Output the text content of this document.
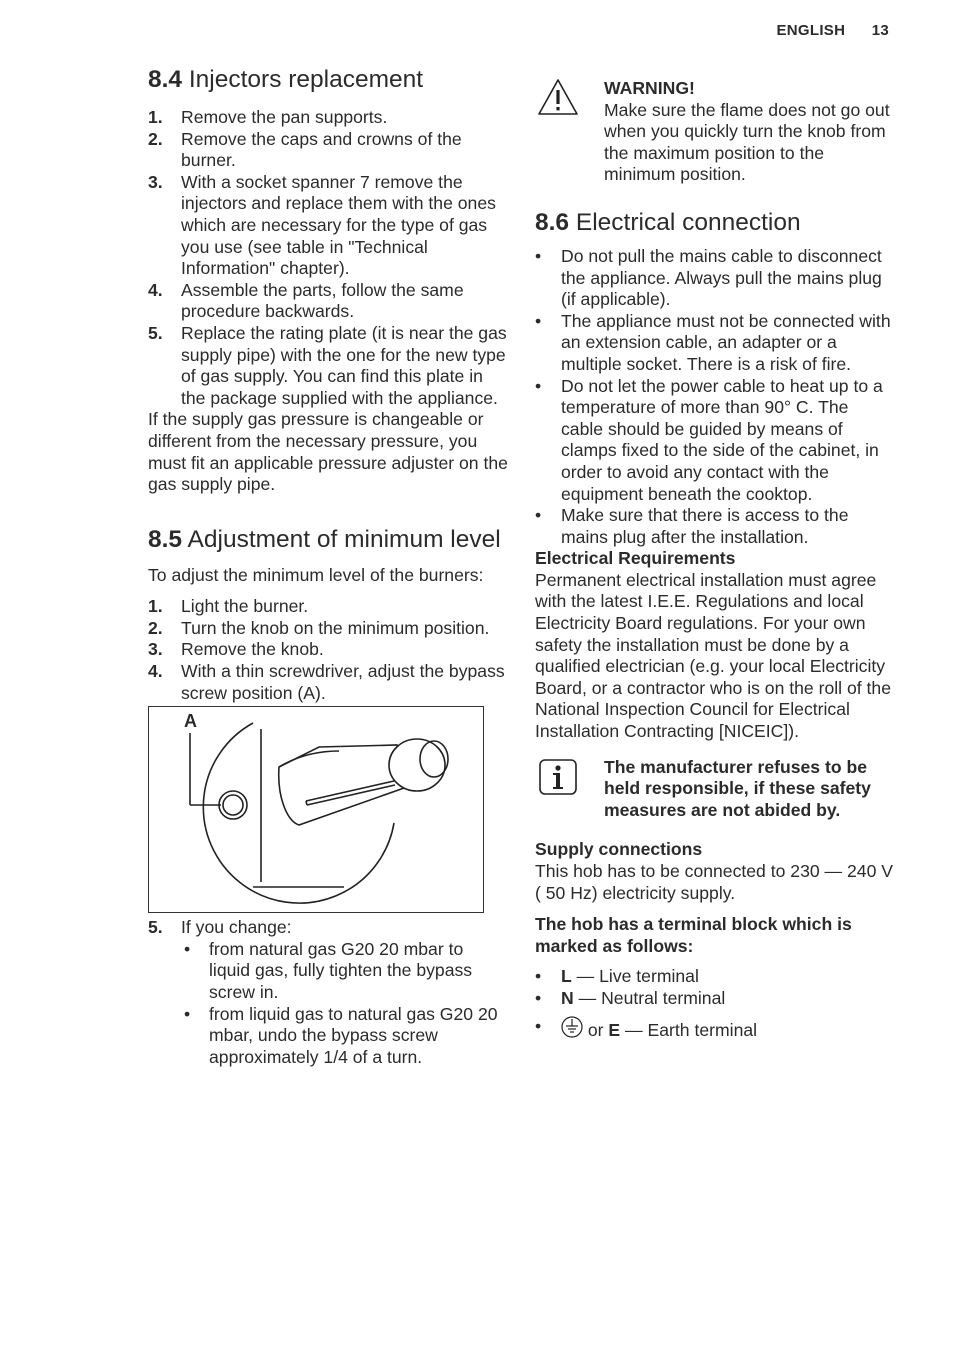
ENGLISH 13
8.4 Injectors replacement
1. Remove the pan supports.
2. Remove the caps and crowns of the burner.
3. With a socket spanner 7 remove the injectors and replace them with the ones which are necessary for the type of gas you use (see table in "Technical Information" chapter).
4. Assemble the parts, follow the same procedure backwards.
5. Replace the rating plate (it is near the gas supply pipe) with the one for the new type of gas supply. You can find this plate in the package supplied with the appliance.

If the supply gas pressure is changeable or different from the necessary pressure, you must fit an applicable pressure adjuster on the gas supply pipe.

8.5 Adjustment of minimum level

To adjust the minimum level of the burners:

1. Light the burner.
2. Turn the knob on the minimum position.
3. Remove the knob.
4. With a thin screwdriver, adjust the bypass screw position (A).
A
5. If you change:
• from natural gas G20 20 mbar to liquid gas, fully tighten the bypass screw in.
• from liquid gas to natural gas G20 20 mbar, undo the bypass screw approximately 1/4 of a turn.

WARNING!

Make sure the flame does not go out when you quickly turn the knob from the maximum position to the minimum position.

8.6 Electrical connection
• Do not pull the mains cable to disconnect the appliance. Always pull the mains plug (if applicable).
• The appliance must not be connected with an extension cable, an adapter or a multiple socket. There is a risk of fire.
• Do not let the power cable to heat up to a temperature of more than 90° C. The cable should be guided by means of clamps fixed to the side of the cabinet, in order to avoid any contact with the equipment beneath the cooktop.
• Make sure that there is access to the mains plug after the installation.

Electrical Requirements

Permanent electrical installation must agree with the latest I.E.E. Regulations and local Electricity Board regulations. For your own safety the installation must be done by a qualified electrician (e.g. your local Electricity Board, or a contractor who is on the roll of the National Inspection Council for Electrical Installation Contracting [NICEIC]).

The manufacturer refuses to be held responsible, if these safety measures are not abided by.

Supply connections

This hob has to be connected to 230 — 240 V ( 50 Hz) electricity supply.

The hob has a terminal block which is marked as follows:

• L — Live terminal
• N — Neutral terminal
• or E — Earth terminal
